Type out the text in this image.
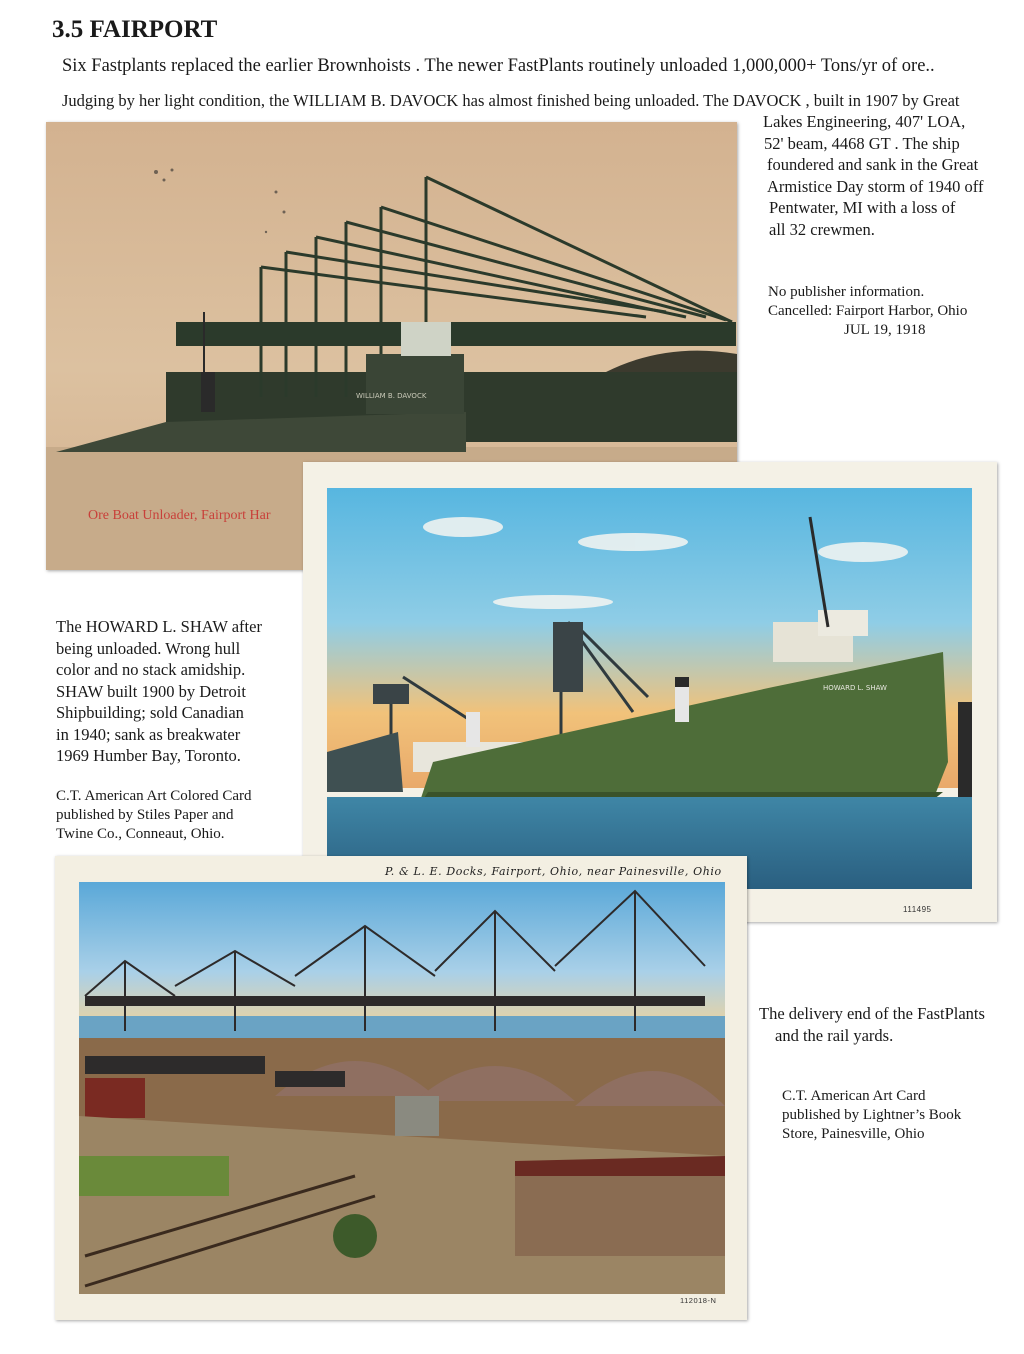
3.5 FAIRPORT
Six Fastplants replaced the earlier Brownhoists . The newer FastPlants routinely unloaded 1,000,000+ Tons/yr of ore..
Judging by her light condition, the WILLIAM B. DAVOCK has almost finished being unloaded. The DAVOCK , built in 1907 by Great
Lakes Engineering, 407' LOA,
52' beam, 4468 GT . The ship
foundered and sank in the Great
Armistice Day storm of 1940 off
Pentwater, MI with a loss of
all 32 crewmen.
No publisher information.
Cancelled: Fairport Harbor, Ohio
JUL 19, 1918
WILLIAM B. DAVOCK
Ore Boat Unloader, Fairport Har
The HOWARD L. SHAW after
being unloaded. Wrong hull
color and no stack amidship.
SHAW built 1900 by Detroit
Shipbuilding; sold Canadian
in 1940; sank as breakwater
1969 Humber Bay, Toronto.
C.T. American Art Colored Card
published by Stiles Paper and
Twine Co., Conneaut, Ohio.
HOWARD L. SHAW
111495
P. & L. E. Docks, Fairport, Ohio, near Painesville, Ohio
112018-N
The delivery end of the FastPlants
and the rail yards.
C.T. American Art Card
published by Lightner’s Book
Store, Painesville, Ohio
